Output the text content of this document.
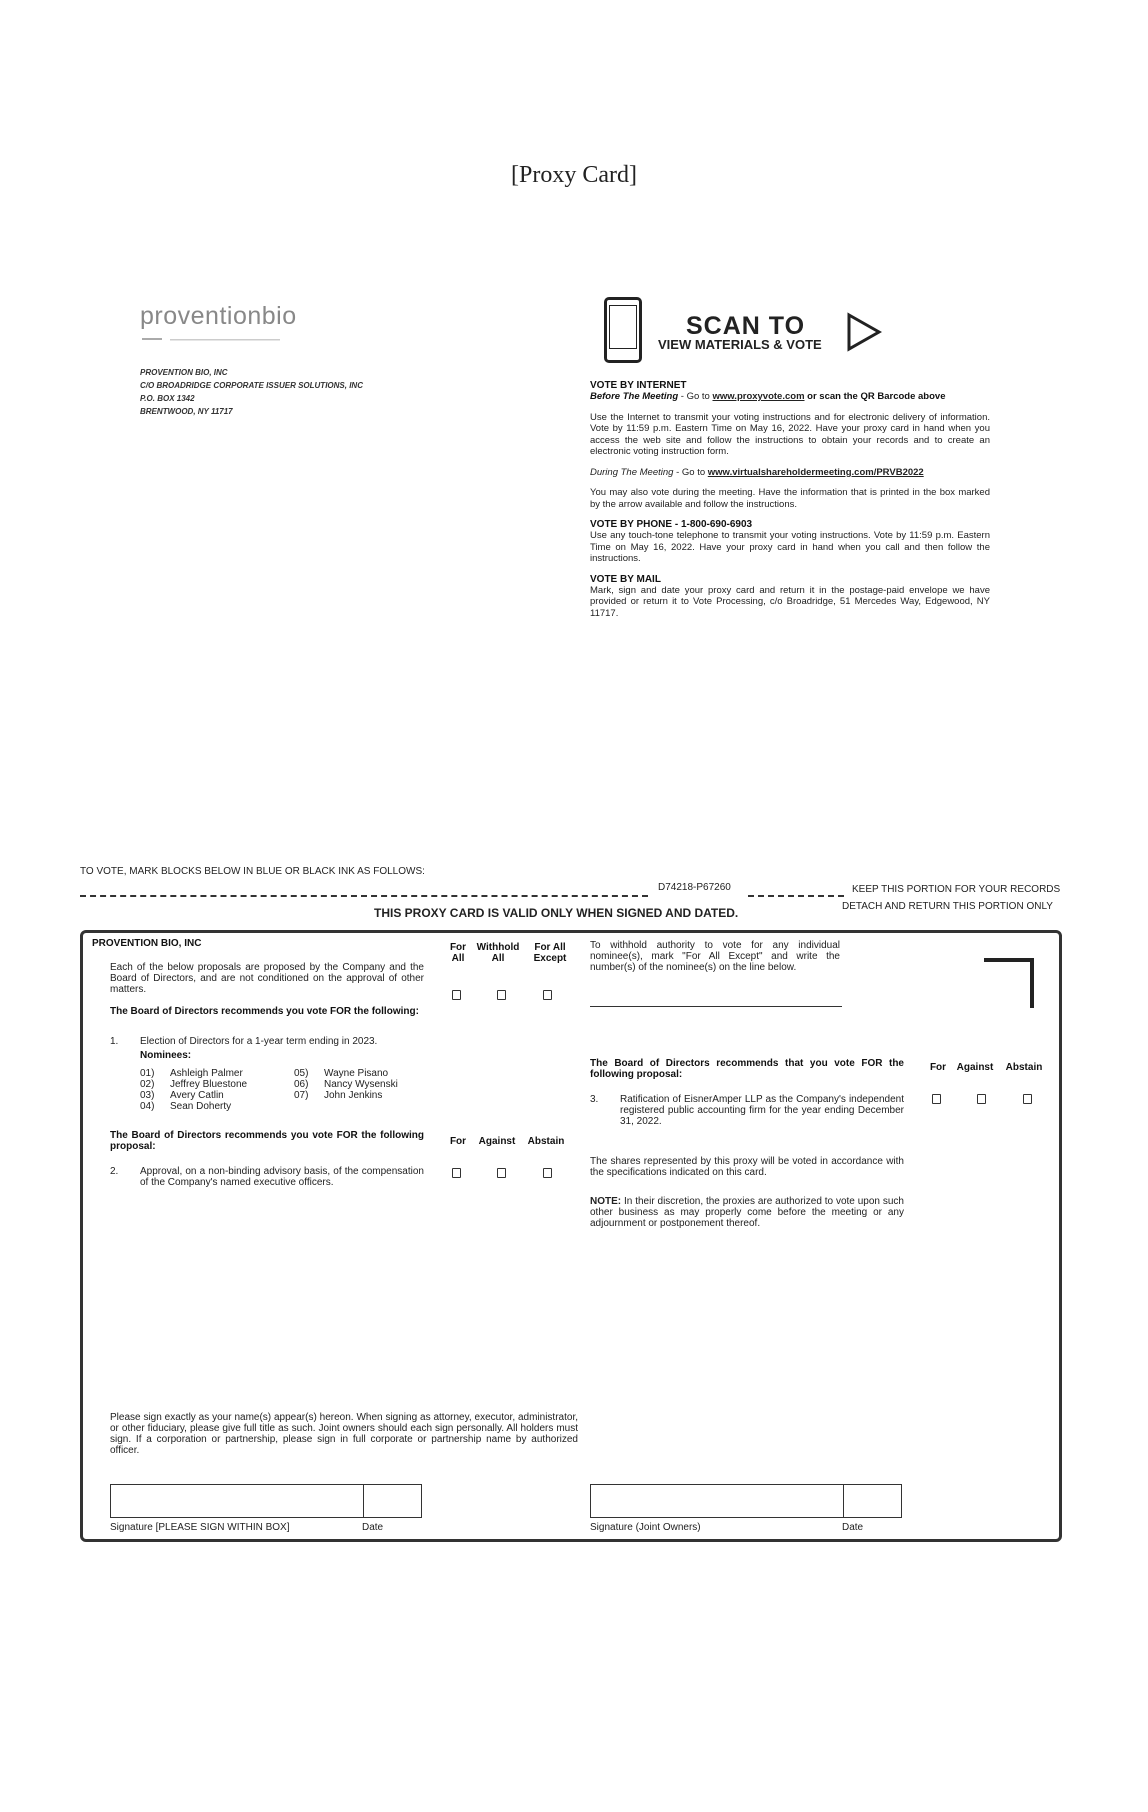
[Proxy Card]
proventionbio
PROVENTION BIO, INC
C/O BROADRIDGE CORPORATE ISSUER SOLUTIONS, INC
P.O. BOX 1342
BRENTWOOD, NY 11717
SCAN TO
VIEW MATERIALS & VOTE
VOTE BY INTERNET
Before The Meeting - Go to www.proxyvote.com or scan the QR Barcode above
Use the Internet to transmit your voting instructions and for electronic delivery of information. Vote by 11:59 p.m. Eastern Time on May 16, 2022. Have your proxy card in hand when you access the web site and follow the instructions to obtain your records and to create an electronic voting instruction form.
During The Meeting - Go to www.virtualshareholdermeeting.com/PRVB2022
You may also vote during the meeting. Have the information that is printed in the box marked by the arrow available and follow the instructions.
VOTE BY PHONE - 1-800-690-6903
Use any touch-tone telephone to transmit your voting instructions. Vote by 11:59 p.m. Eastern Time on May 16, 2022. Have your proxy card in hand when you call and then follow the instructions.
VOTE BY MAIL
Mark, sign and date your proxy card and return it in the postage-paid envelope we have provided or return it to Vote Processing, c/o Broadridge, 51 Mercedes Way, Edgewood, NY 11717.
TO VOTE, MARK BLOCKS BELOW IN BLUE OR BLACK INK AS FOLLOWS:
D74218-P67260	KEEP THIS PORTION FOR YOUR RECORDS
DETACH AND RETURN THIS PORTION ONLY
THIS PROXY CARD IS VALID ONLY WHEN SIGNED AND DATED.
PROVENTION BIO, INC
Each of the below proposals are proposed by the Company and the Board of Directors, and are not conditioned on the approval of other matters.
The Board of Directors recommends you vote FOR the following:
1. Election of Directors for a 1-year term ending in 2023.
Nominees:
01) Ashleigh Palmer
02) Jeffrey Bluestone
03) Avery Catlin
04) Sean Doherty
05) Wayne Pisano
06) Nancy Wysenski
07) John Jenkins
For All
Withhold All
For All Except
To withhold authority to vote for any individual nominee(s), mark "For All Except" and write the number(s) of the nominee(s) on the line below.
The Board of Directors recommends you vote FOR the following proposal:	For	Against	Abstain
2. Approval, on a non-binding advisory basis, of the compensation of the Company's named executive officers.
The Board of Directors recommends that you vote FOR the following proposal:
For	Against	Abstain
3. Ratification of EisnerAmper LLP as the Company's independent registered public accounting firm for the year ending December 31, 2022.
The shares represented by this proxy will be voted in accordance with the specifications indicated on this card.
NOTE: In their discretion, the proxies are authorized to vote upon such other business as may properly come before the meeting or any adjournment or postponement thereof.
Please sign exactly as your name(s) appear(s) hereon. When signing as attorney, executor, administrator, or other fiduciary, please give full title as such. Joint owners should each sign personally. All holders must sign. If a corporation or partnership, please sign in full corporate or partnership name by authorized officer.
Signature [PLEASE SIGN WITHIN BOX]	Date	Signature (Joint Owners)	Date
